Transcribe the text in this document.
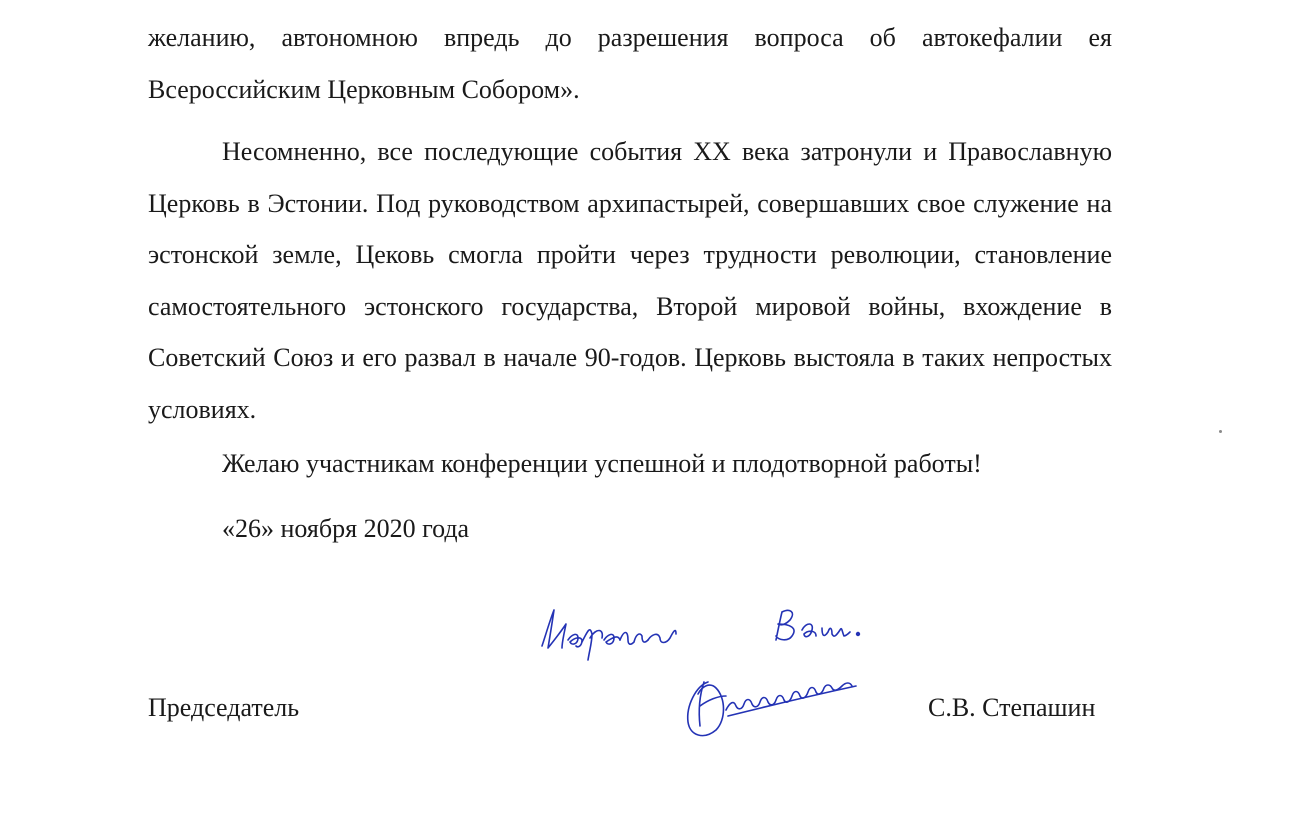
желанию, автономною впредь до разрешения вопроса об автокефалии ея Всероссийским Церковным Собором».

Несомненно, все последующие события XX века затронули и Православную Церковь в Эстонии. Под руководством архипастырей, совершавших свое служение на эстонской земле, Цековь смогла пройти через трудности революции, становление самостоятельного эстонского государства, Второй мировой войны, вхождение в Советский Союз и его развал в начале 90-годов. Церковь выстояла в таких непростых условиях.

Желаю участникам конференции успешной и плодотворной работы!

«26» ноября 2020 года

Председатель	С.В. Степашин
